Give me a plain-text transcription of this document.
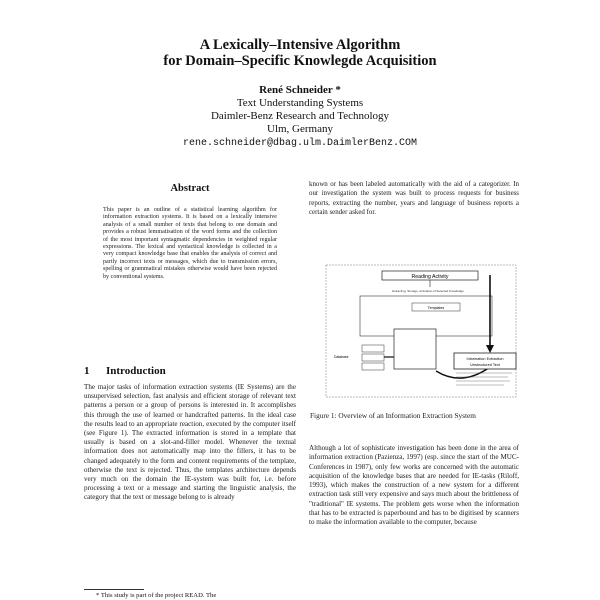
A Lexically–Intensive Algorithm
for Domain–Specific Knowlegde Acquisition
René Schneider *
Text Understanding Systems
Daimler-Benz Research and Technology
Ulm, Germany
rene.schneider@dbag.ulm.DaimlerBenz.COM
Abstract
This paper is an outline of a statistical learning algorithm for information extraction systems. It is based on a lexically intensive analysis of a small number of texts that belong to one domain and provides a robust lemmatisation of the word forms and the collection of the most important syntagmatic dependencies in weighted regular expressions. The lexical and syntactical knowledge is collected in a very compact knowledge base that enables the analysis of correct and partly incorrect texts or messages, which due to transmission errors, spelling or grammatical mistakes otherwise would have been rejected by conventional systems.
1 Introduction
The major tasks of information extraction systems (IE Systems) are the unsupervised selection, fast analysis and efficient storage of relevant text patterns a person or a group of persons is interested in. It accomplishes this through the use of learned or handcrafted patterns. In the ideal case the results lead to an appropriate reaction, executed by the computer itself (see Figure 1). The extracted information is stored in a template that usually is based on a slot-and-filler model. Whenever the textual information does not automatically map into the fillers, it has to be changed adequately to the form and content requirements of the template, otherwise the text is rejected. Thus, the templates architecture depends very much on the domain the IE-system was built for, i.e. before processing a text or a message and starting the linguistic analysis, the category that the text or message belong to is already
* This study is part of the project READ. The
known or has been labeled automatically with the aid of a categorizer. In our investigation the system was built to process requests for business reports, extracting the number, years and language of business reports a certain sender asked for.
Reading Activity
Extracting, Storage, Activation of Selected Knowledge
Templates
Database	Information Extraction
Unstructured Text
Figure 1: Overview of an Information Extraction System
Although a lot of sophisticate investigation has been done in the area of information extraction (Pazienza, 1997) (esp. since the start of the MUC-Conferences in 1987), only few works are concerned with the automatic acquisition of the knowledge bases that are needed for IE-tasks (Riloff, 1993), which makes the construction of a new system for a different extraction task still very expensive and says much about the brittleness of "traditional" IE systems. The problem gets worse when the information that has to be extracted is paperbound and has to be digitised by scanners to make the information available to the computer, because
